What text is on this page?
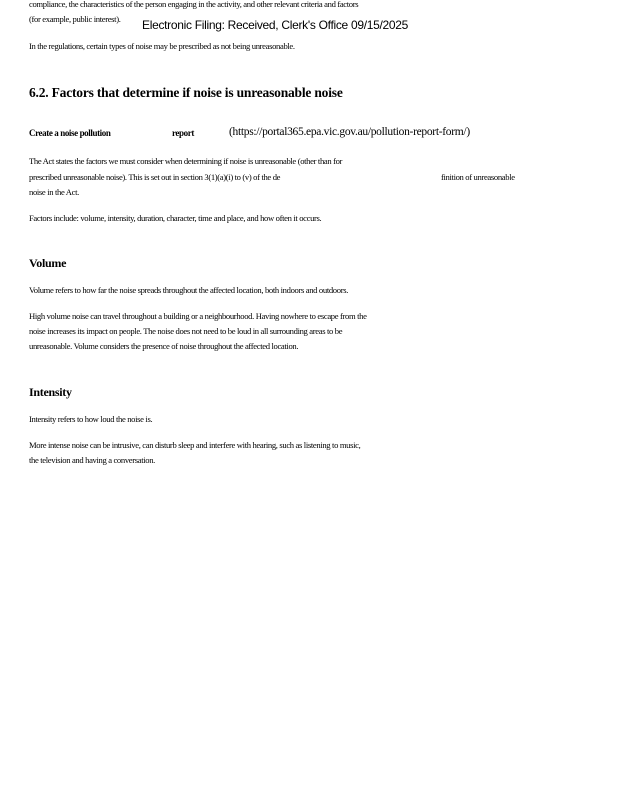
compliance, the characteristics of the person engaging in the activity, and other relevant criteria and factors
(for example, public interest).	Electronic Filing: Received, Clerk's Office 09/15/2025
In the regulations, certain types of noise may be prescribed as not being unreasonable.
6.2. Factors that determine if noise is unreasonable noise
Create a noise pollution	report	(https://portal365.epa.vic.gov.au/pollution-report-form/)
The Act states the factors we must consider when determining if noise is unreasonable (other than for
prescribed unreasonable noise). This is set out in section 3(1)(a)(i) to (v) of the de	finition of unreasonable
noise in the Act.
Factors include: volume, intensity, duration, character, time and place, and how often it occurs.
Volume
Volume refers to how far the noise spreads throughout the affected location, both indoors and outdoors.
High volume noise can travel throughout a building or a neighbourhood. Having nowhere to escape from the
noise increases its impact on people. The noise does not need to be loud in all surrounding areas to be
unreasonable. Volume considers the presence of noise throughout the affected location.
Intensity
Intensity refers to how loud the noise is.
More intense noise can be intrusive, can disturb sleep and interfere with hearing, such as listening to music,
the television and having a conversation.
